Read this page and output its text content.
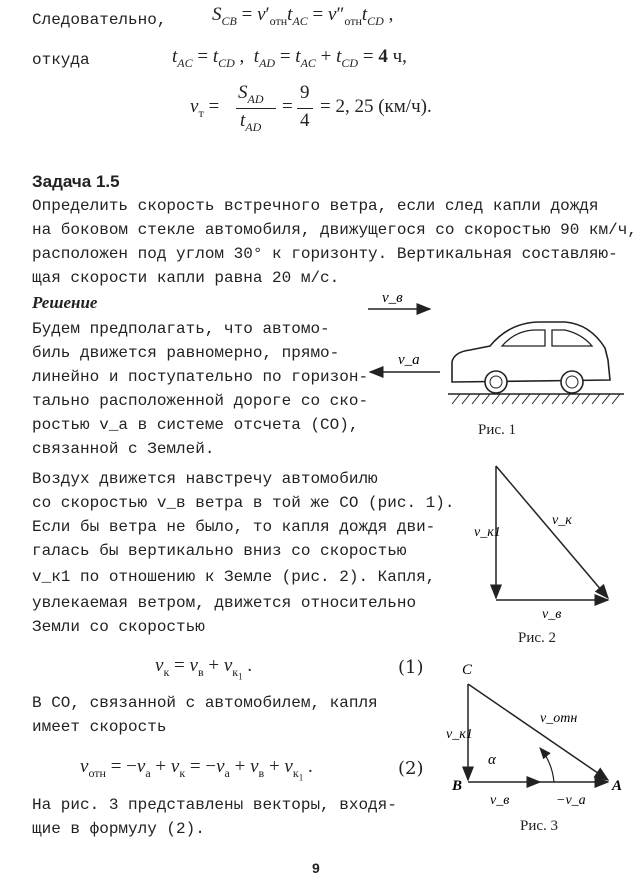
Следовательно, $S_{CB} = v'_{отн}t_{AC} = v''_{отн}t_{CD}$ ,
откуда	$t_{AC} = t_{CD}$ ,  $t_{AD} = t_{AC} + t_{CD} = 4$ ч,
$v_т$ =
$S_{AD}$
$t_{AD}$
=
9
4
= 2, 25 (км/ч).
Задача 1.5
Определить скорость встречного ветра, если след капли дождя
на боковом стекле автомобиля, движущегося со скоростью 90 км/ч,
расположен под углом 30° к горизонту. Вертикальная составляю-
щая скорости капли равна 20 м/с.
Решение
Будем предполагать, что автомо-
биль движется равномерно, прямо-
линейно и поступательно по горизон-
тально расположенной дороге со ско-
ростью v_а в системе отсчета (СО),
связанной с Землей.
Воздух движется навстречу автомобилю
со скоростью v_в ветра в той же СО (рис. 1).
Если бы ветра не было, то капля дождя дви-
галась бы вертикально вниз со скоростью
v_к1 по отношению к Земле (рис. 2). Капля,
увлекаемая ветром, движется относительно
Земли со скоростью
$v_к = v_в + v_{к_1}$ .	(1)
В СО, связанной с автомобилем, капля
имеет скорость
$v_{отн} = -v_а + v_к = -v_а + v_в + v_{к_1}$ .	(2)
На рис. 3 представлены векторы, входя-
щие в формулу (2).
v_в
v_а
v_к1
v_к
v_в
C
B	A
v_к1
v_отн
α
v_в	−v_а
Рис. 1
Рис. 2
Рис. 3
9
